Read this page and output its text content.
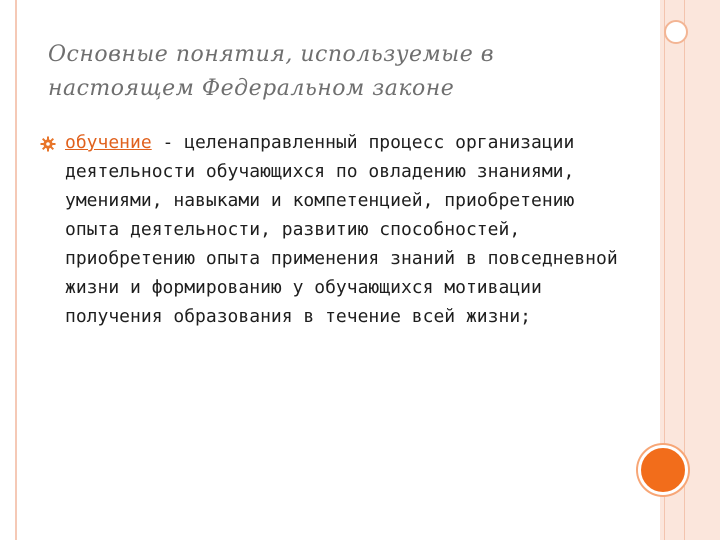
Основные понятия, используемые в настоящем Федеральном законе
обучение - целенаправленный процесс организации деятельности обучающихся по овладению знаниями, умениями, навыками и компетенцией, приобретению опыта деятельности, развитию способностей, приобретению опыта применения знаний в повседневной жизни и формированию у обучающихся мотивации получения образования в течение всей жизни;
